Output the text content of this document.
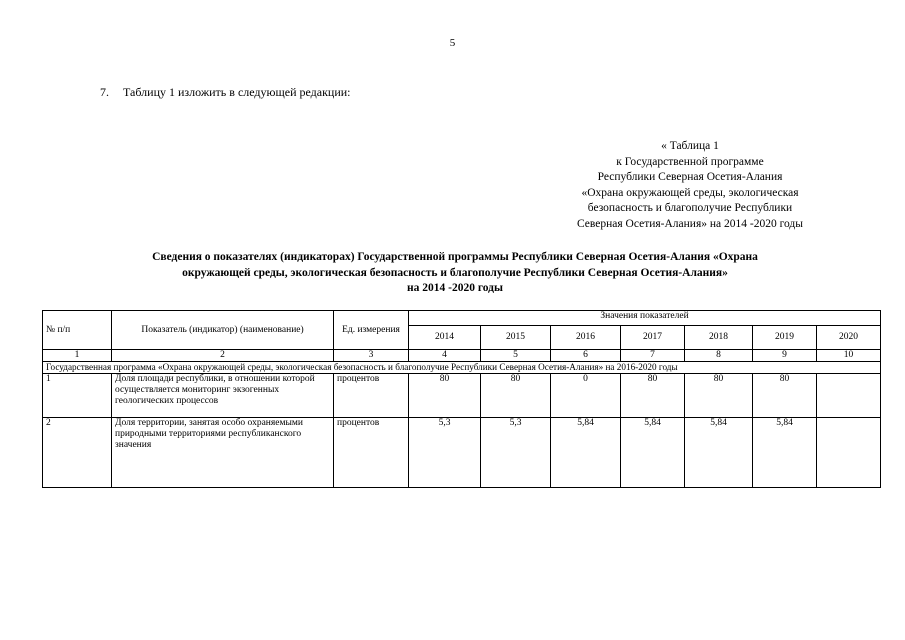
5
7. Таблицу 1 изложить в следующей редакции:
« Таблица 1
к Государственной программе
Республики Северная Осетия-Алания
«Охрана окружающей среды, экологическая
безопасность и благополучие Республики
Северная Осетия-Алания» на 2014 -2020 годы
Сведения о показателях (индикаторах) Государственной программы Республики Северная Осетия-Алания «Охрана
окружающей среды, экологическая безопасность и благополучие Республики Северная Осетия-Алания»
на 2014 -2020 годы
№ п/п	Показатель (индикатор) (наименование)	Ед. измерения	Значения показателей						
			2014	2015	2016	2017	2018	2019	2020
1	2	3	4	5	6	7	8	9	10
Государственная программа «Охрана окружающей среды, экологическая безопасность и благополучие Республики Северная Осетия-Алания» на 2016-2020 годы									
1	Доля площади республики, в отношении которой осуществляется мониторинг экзогенных геологических процессов	процентов	80	80	0	80	80	80	
2	Доля территории, занятая особо охраняемыми природными территориями республиканского значения	процентов	5,3	5,3	5,84	5,84	5,84	5,84	
